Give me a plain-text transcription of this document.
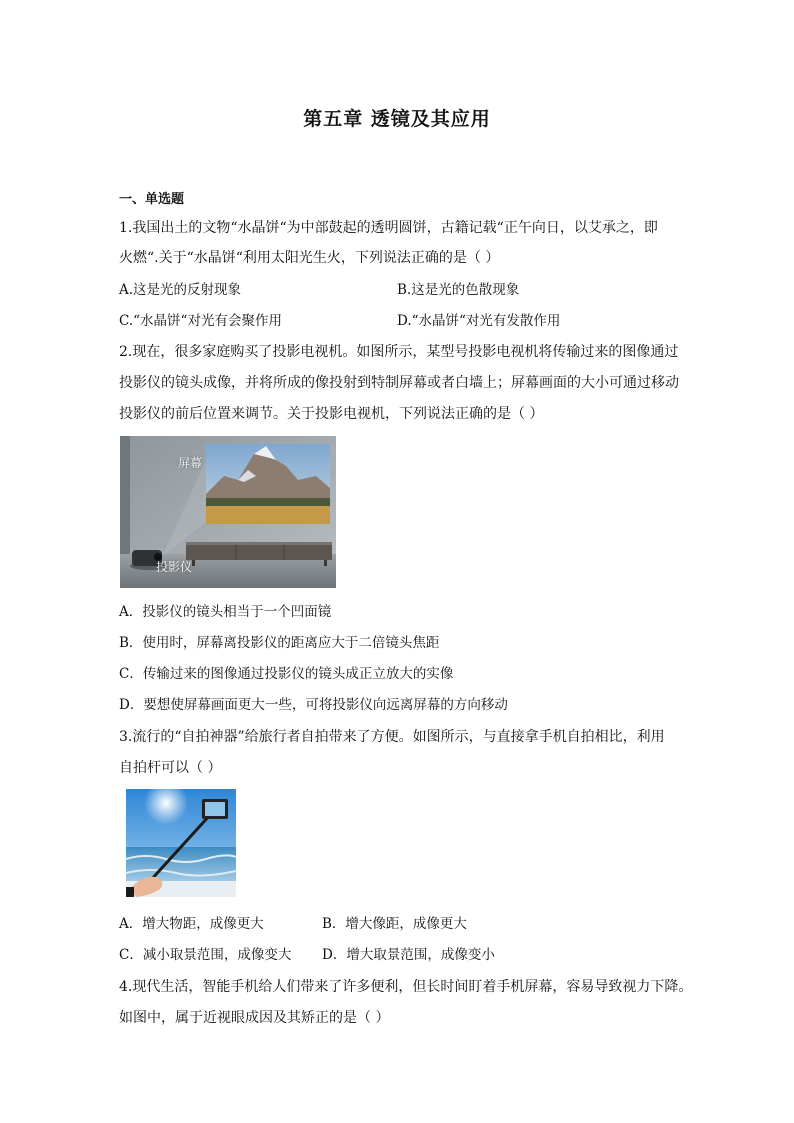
第五章 透镜及其应用
一、单选题
1.我国出土的文物“水晶饼“为中部鼓起的透明圆饼，古籍记载“正午向日，以艾承之，即
火燃“.关于“水晶饼“利用太阳光生火，下列说法正确的是（ ）
A.这是光的反射现象	B.这是光的色散现象
C.“水晶饼“对光有会聚作用	D.“水晶饼“对光有发散作用
2.现在，很多家庭购买了投影电视机。如图所示，某型号投影电视机将传输过来的图像通过
投影仪的镜头成像，并将所成的像投射到特制屏幕或者白墙上；屏幕画面的大小可通过移动
投影仪的前后位置来调节。关于投影电视机，下列说法正确的是（ ）
屏幕
投影仪
A．投影仪的镜头相当于一个凹面镜
B．使用时，屏幕离投影仪的距离应大于二倍镜头焦距
C．传输过来的图像通过投影仪的镜头成正立放大的实像
D．要想使屏幕画面更大一些，可将投影仪向远离屏幕的方向移动
3.流行的“自拍神器”给旅行者自拍带来了方便。如图所示，与直接拿手机自拍相比，利用
自拍杆可以（ ）
A．增大物距，成像更大	B．增大像距，成像更大
C．减小取景范围，成像变大 D．增大取景范围，成像变小
4.现代生活，智能手机给人们带来了许多便利，但长时间盯着手机屏幕，容易导致视力下降。
如图中，属于近视眼成因及其矫正的是（ ）
